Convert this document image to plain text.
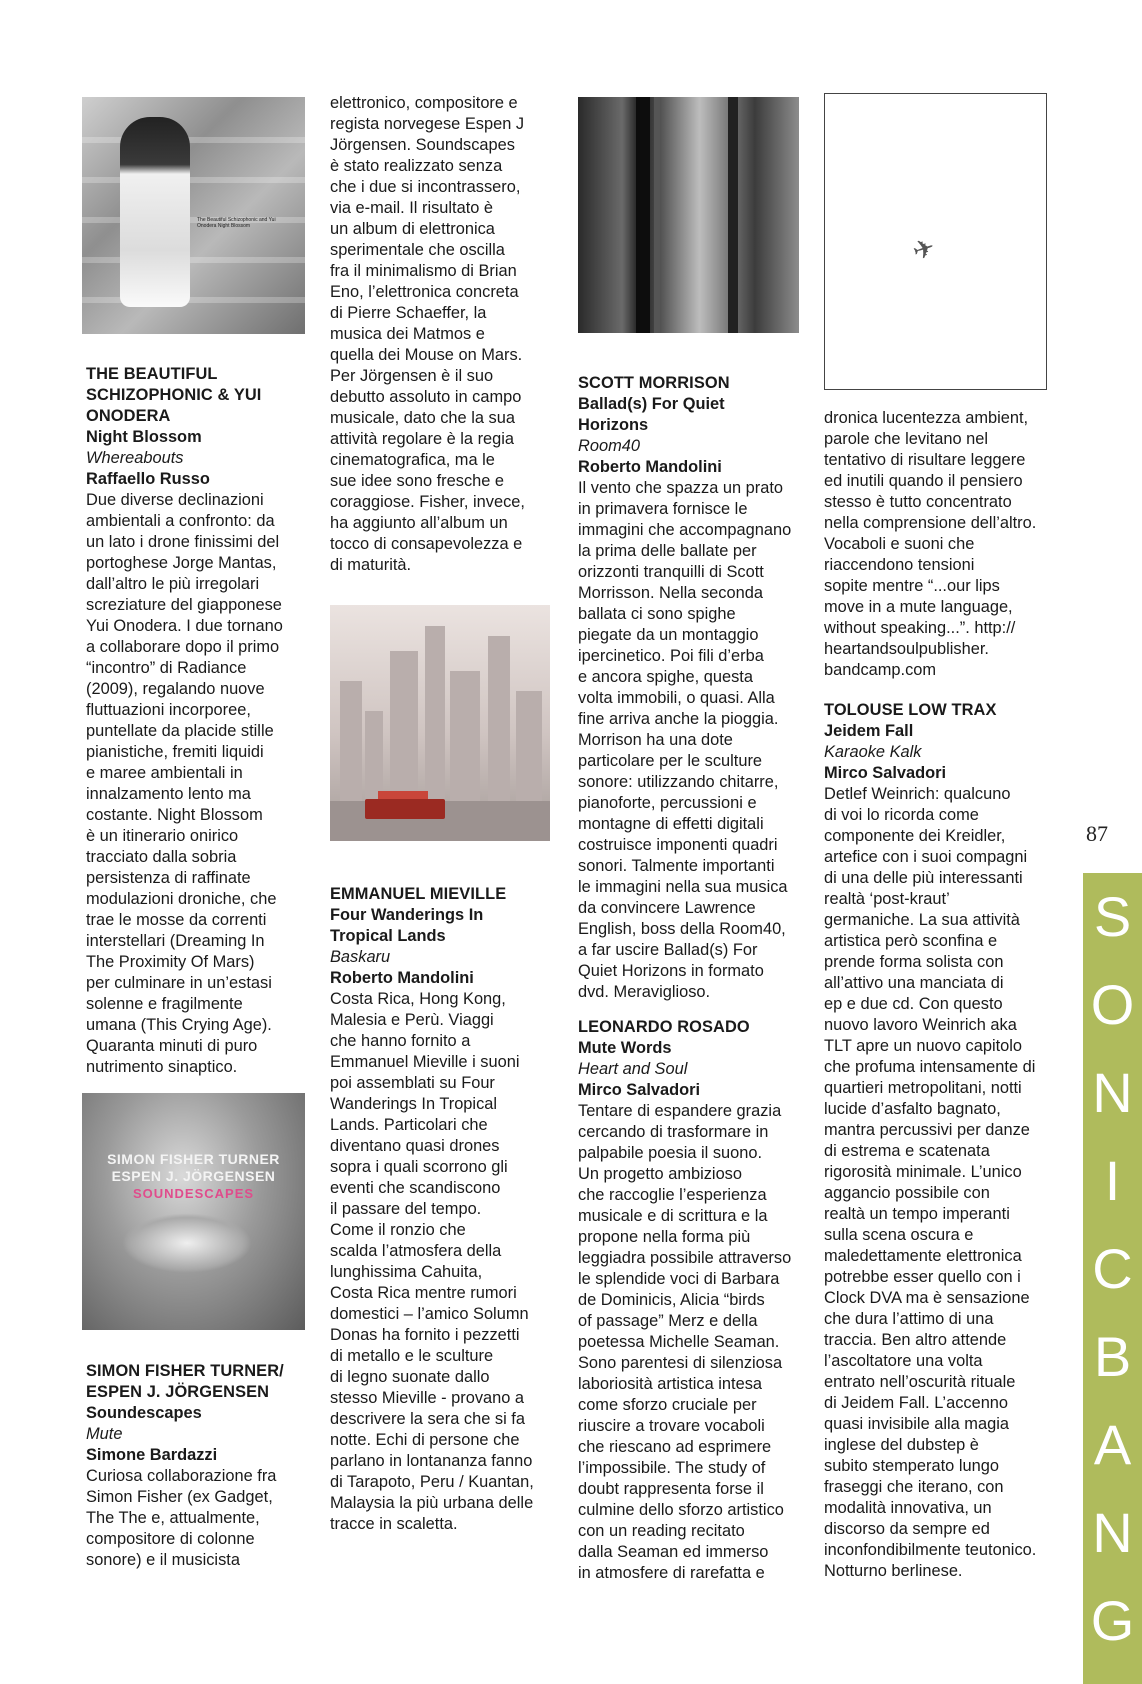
The Beautiful Schizophonic and Yui Onodera Night Blossom

THE BEAUTIFUL

SCHIZOPHONIC & YUI

ONODERA

Night Blossom

Whereabouts

Raffaello Russo

Due diverse declinazioni

ambientali a confronto: da

un lato i drone finissimi del

portoghese Jorge Mantas,

dall’altro le più irregolari

screziature del giapponese

Yui Onodera. I due tornano

a collaborare dopo il primo

“incontro” di Radiance

(2009), regalando nuove

fluttuazioni incorporee,

puntellate da placide stille

pianistiche, fremiti liquidi

e maree ambientali in

innalzamento lento ma

costante. Night Blossom

è un itinerario onirico

tracciato dalla sobria

persistenza di raffinate

modulazioni droniche, che

trae le mosse da correnti

interstellari (Dreaming In

The Proximity Of Mars)

per culminare in un’estasi

solenne e fragilmente

umana (This Crying Age).

Quaranta minuti di puro

nutrimento sinaptico.

SIMON FISHER TURNER
ESPEN J. JÖRGENSEN
SOUNDESCAPES

SIMON FISHER TURNER/

ESPEN J. JÖRGENSEN

Soundescapes

Mute

Simone Bardazzi

Curiosa collaborazione fra

Simon Fisher (ex Gadget,

The The e, attualmente,

compositore di colonne

sonore) e il musicista

elettronico, compositore e

regista norvegese Espen J

Jörgensen. Soundscapes

è stato realizzato senza

che i due si incontrassero,

via e-mail. Il risultato è

un album di elettronica

sperimentale che oscilla

fra il minimalismo di Brian

Eno, l’elettronica concreta

di Pierre Schaeffer, la

musica dei Matmos e

quella dei Mouse on Mars.

Per Jörgensen è il suo

debutto assoluto in campo

musicale, dato che la sua

attività regolare è la regia

cinematografica, ma le

sue idee sono fresche e

coraggiose. Fisher, invece,

ha aggiunto all’album un

tocco di consapevolezza e

di maturità.

EMMANUEL MIEVILLE

Four Wanderings In

Tropical Lands

Baskaru

Roberto Mandolini

Costa Rica, Hong Kong,

Malesia e Perù. Viaggi

che hanno fornito a

Emmanuel Mieville i suoni

poi assemblati su Four

Wanderings In Tropical

Lands. Particolari che

diventano quasi drones

sopra i quali scorrono gli

eventi che scandiscono

il passare del tempo.

Come il ronzio che

scalda l’atmosfera della

lunghissima Cahuita,

Costa Rica mentre rumori

domestici – l’amico Solumn

Donas ha fornito i pezzetti

di metallo e le sculture

di legno suonate dallo

stesso Mieville - provano a

descrivere la sera che si fa

notte. Echi di persone che

parlano in lontananza fanno

di Tarapoto, Peru / Kuantan,

Malaysia la più urbana delle

tracce in scaletta.

SCOTT MORRISON

Ballad(s) For Quiet

Horizons

Room40

Roberto Mandolini

Il vento che spazza un prato

in primavera fornisce le

immagini che accompagnano

la prima delle ballate per

orizzonti tranquilli di Scott

Morrisson. Nella seconda

ballata ci sono spighe

piegate da un montaggio

ipercinetico. Poi fili d’erba

e ancora spighe, questa

volta immobili, o quasi. Alla

fine arriva anche la pioggia.

Morrison ha una dote

particolare per le sculture

sonore: utilizzando chitarre,

pianoforte, percussioni e

montagne di effetti digitali

costruisce imponenti quadri

sonori. Talmente importanti

le immagini nella sua musica

da convincere Lawrence

English, boss della Room40,

a far uscire Ballad(s) For

Quiet Horizons in formato

dvd. Meraviglioso.

LEONARDO ROSADO

Mute Words

Heart and Soul

Mirco Salvadori

Tentare di espandere grazia

cercando di trasformare in

palpabile poesia il suono.

Un progetto ambizioso

che raccoglie l’esperienza

musicale e di scrittura e la

propone nella forma più

leggiadra possibile attraverso

le splendide voci di Barbara

de Dominicis, Alicia “birds

of passage” Merz e della

poetessa Michelle Seaman.

Sono parentesi di silenziosa

laboriosità artistica intesa

come sforzo cruciale per

riuscire a trovare vocaboli

che riescano ad esprimere

l’impossibile. The study of

doubt rappresenta forse il

culmine dello sforzo artistico

con un reading recitato

dalla Seaman ed immerso

in atmosfere di rarefatta e

✈

dronica lucentezza ambient,

parole che levitano nel

tentativo di risultare leggere

ed inutili quando il pensiero

stesso è tutto concentrato

nella comprensione dell’altro.

Vocaboli e suoni che

riaccendono tensioni

sopite mentre “...our lips

move in a mute language,

without speaking...”. http://

heartandsoulpublisher.

bandcamp.com

TOLOUSE LOW TRAX

Jeidem Fall

Karaoke Kalk

Mirco Salvadori

Detlef Weinrich: qualcuno

di voi lo ricorda come

componente dei Kreidler,

artefice con i suoi compagni

di una delle più interessanti

realtà ‘post-kraut’

germaniche. La sua attività

artistica però sconfina e

prende forma solista con

all’attivo una manciata di

ep e due cd. Con questo

nuovo lavoro Weinrich aka

TLT apre un nuovo capitolo

che profuma intensamente di

quartieri metropolitani, notti

lucide d’asfalto bagnato,

mantra percussivi per danze

di estrema e scatenata

rigorosità minimale. L’unico

aggancio possibile con

realtà un tempo imperanti

sulla scena oscura e

maledettamente elettronica

potrebbe esser quello con i

Clock DVA ma è sensazione

che dura l’attimo di una

traccia. Ben altro attende

l’ascoltatore una volta

entrato nell’oscurità rituale

di Jeidem Fall. L’accenno

quasi invisibile alla magia

inglese del dubstep è

subito stemperato lungo

fraseggi che iterano, con

modalità innovativa, un

discorso da sempre ed

inconfondibilmente teutonico.

Notturno berlinese.

87
S
O
N
I
C
B
A
N
G
